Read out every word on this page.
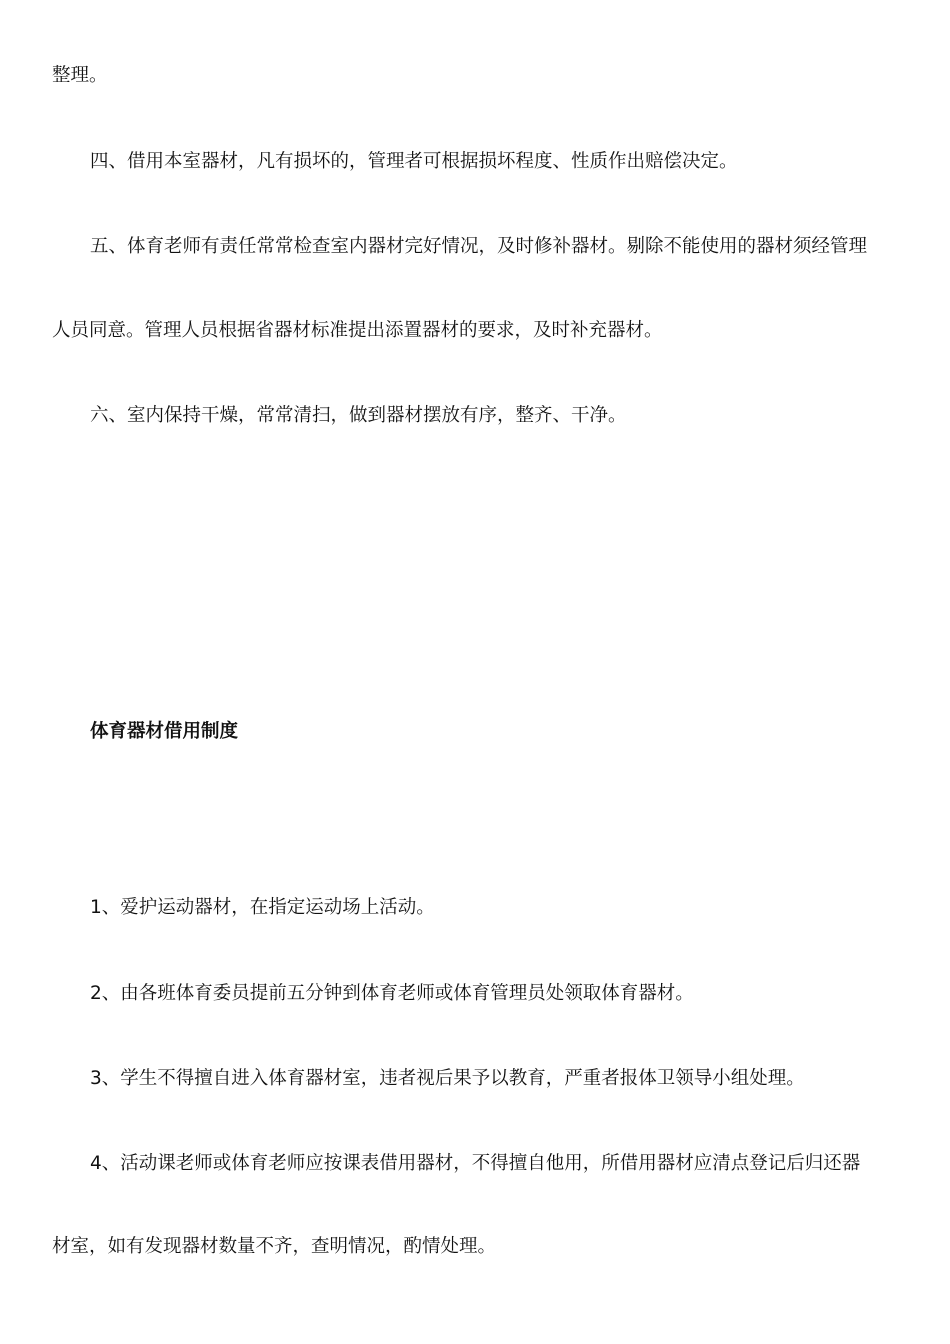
整理。
四、借用本室器材，凡有损坏的，管理者可根据损坏程度、性质作出赔偿决定。
五、体育老师有责任常常检查室内器材完好情况，及时修补器材。剔除不能使用的器材须经管理
人员同意。管理人员根据省器材标准提出添置器材的要求，及时补充器材。
六、室内保持干燥，常常清扫，做到器材摆放有序，整齐、干净。
体育器材借用制度
1、爱护运动器材，在指定运动场上活动。
2、由各班体育委员提前五分钟到体育老师或体育管理员处领取体育器材。
3、学生不得擅自进入体育器材室，违者视后果予以教育，严重者报体卫领导小组处理。
4、活动课老师或体育老师应按课表借用器材，不得擅自他用，所借用器材应清点登记后归还器
材室，如有发现器材数量不齐，查明情况，酌情处理。
